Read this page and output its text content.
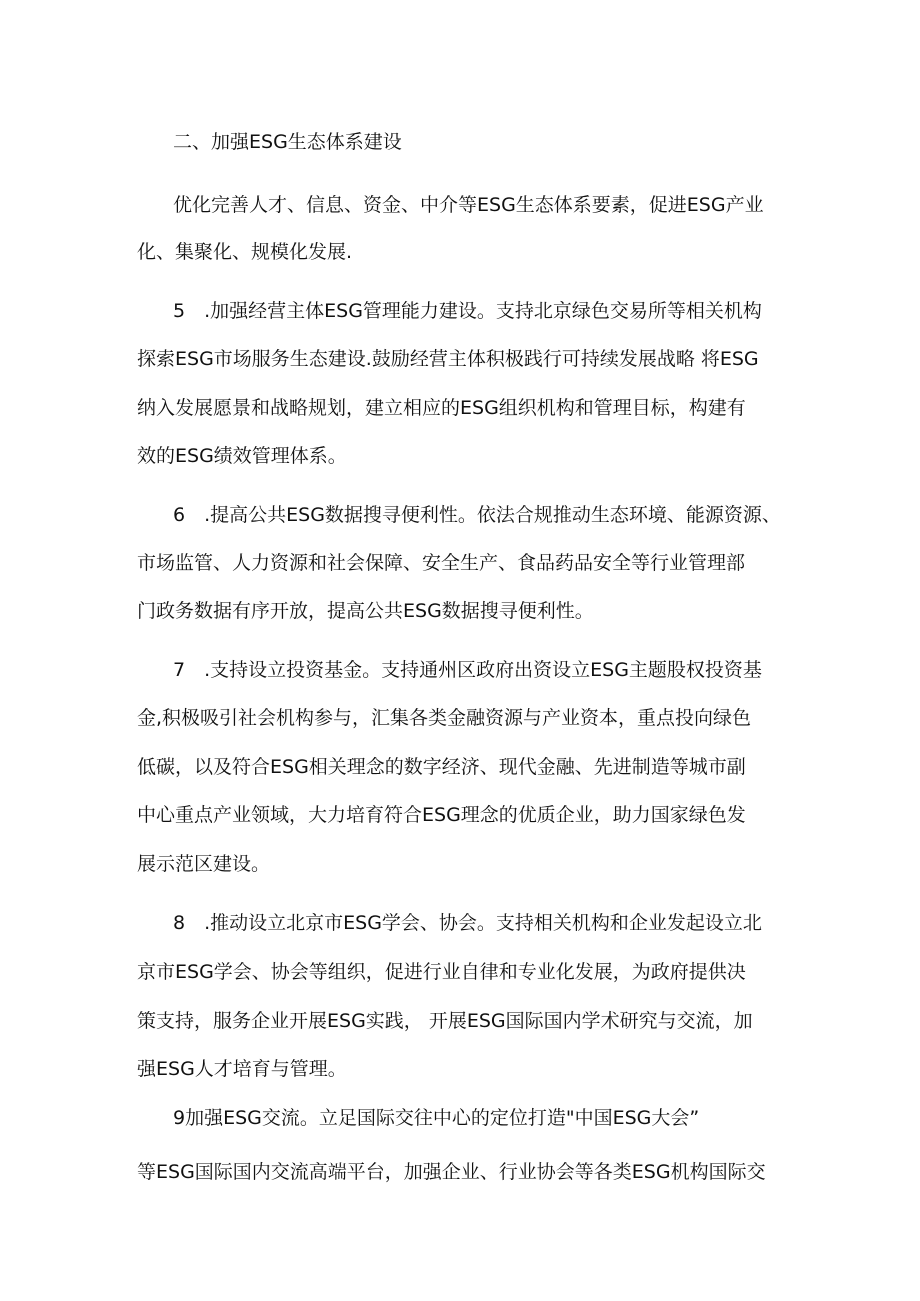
二、加强ESG生态体系建设
优化完善人才、信息、资金、中介等ESG生态体系要素，促进ESG产业
化、集聚化、规模化发展.
5　.加强经营主体ESG管理能力建设。支持北京绿色交易所等相关机构
探索ESG市场服务生态建设.鼓励经营主体积极践行可持续发展战略 将ESG
纳入发展愿景和战略规划，建立相应的ESG组织机构和管理目标，构建有
效的ESG绩效管理体系。
6　.提高公共ESG数据搜寻便利性。依法合规推动生态环境、能源资源、
市场监管、人力资源和社会保障、安全生产、食品药品安全等行业管理部
门政务数据有序开放，提高公共ESG数据搜寻便利性。
7　.支持设立投资基金。支持通州区政府出资设立ESG主题股权投资基
金,积极吸引社会机构参与，汇集各类金融资源与产业资本，重点投向绿色
低碳，以及符合ESG相关理念的数字经济、现代金融、先进制造等城市副
中心重点产业领域，大力培育符合ESG理念的优质企业，助力国家绿色发
展示范区建设。
8　.推动设立北京市ESG学会、协会。支持相关机构和企业发起设立北
京市ESG学会、协会等组织，促进行业自律和专业化发展，为政府提供决
策支持，服务企业开展ESG实践， 开展ESG国际国内学术研究与交流，加
强ESG人才培育与管理。
9加强ESG交流。立足国际交往中心的定位打造"中国ESG大会”
等ESG国际国内交流高端平台，加强企业、行业协会等各类ESG机构国际交
